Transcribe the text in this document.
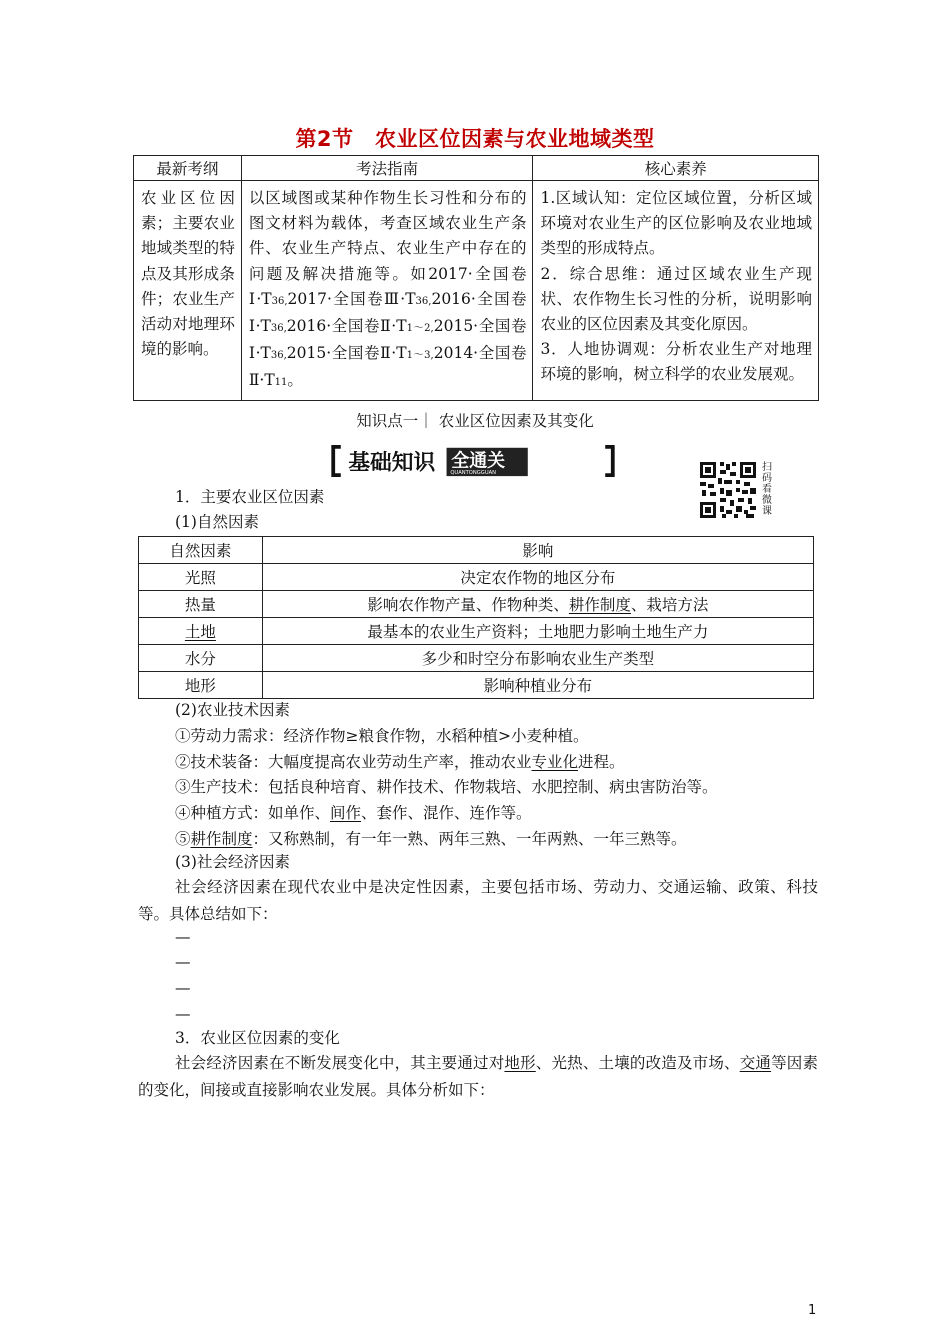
第2节　农业区位因素与农业地域类型
最新考纲	考法指南	核心素养
农业区位因素；主要农业地域类型的特点及其形成条件；农业生产活动对地理环境的影响。	以区域图或某种作物生长习性和分布的图文材料为载体，考查区域农业生产条件、农业生产特点、农业生产中存在的问题及解决措施等。如2017·全国卷Ⅰ·T36,2017·全国卷Ⅲ·T36,2016·全国卷Ⅰ·T36,2016·全国卷Ⅱ·T1～2,2015·全国卷Ⅰ·T36,2015·全国卷Ⅱ·T1～3,2014·全国卷Ⅱ·T11。	1.区域认知：定位区域位置，分析区域环境对农业生产的区位影响及农业地域类型的形成特点。
2．综合思维：通过区域农业生产现状、农作物生长习性的分析，说明影响农业的区位因素及其变化原因。
3．人地协调观：分析农业生产对地理环境的影响，树立科学的农业发展观。
知识点一｜ 农业区位因素及其变化
基础知识 全通关
QUANTONGGUAN
扫码看微课
1．主要农业区位因素
(1)自然因素
自然因素	影响
光照	决定农作物的地区分布
热量	影响农作物产量、作物种类、耕作制度、栽培方法
土地	最基本的农业生产资料；土地肥力影响土地生产力
水分	多少和时空分布影响农业生产类型
地形	影响种植业分布
(2)农业技术因素
①劳动力需求：经济作物≥粮食作物，水稻种植>小麦种植。
②技术装备：大幅度提高农业劳动生产率，推动农业专业化进程。
③生产技术：包括良种培育、耕作技术、作物栽培、水肥控制、病虫害防治等。
④种植方式：如单作、间作、套作、混作、连作等。
⑤耕作制度：又称熟制，有一年一熟、两年三熟、一年两熟、一年三熟等。
(3)社会经济因素
社会经济因素在现代农业中是决定性因素，主要包括市场、劳动力、交通运输、政策、科技等。具体总结如下：
—
—
—
—
3．农业区位因素的变化
社会经济因素在不断发展变化中，其主要通过对地形、光热、土壤的改造及市场、交通等因素的变化，间接或直接影响农业发展。具体分析如下：
1
